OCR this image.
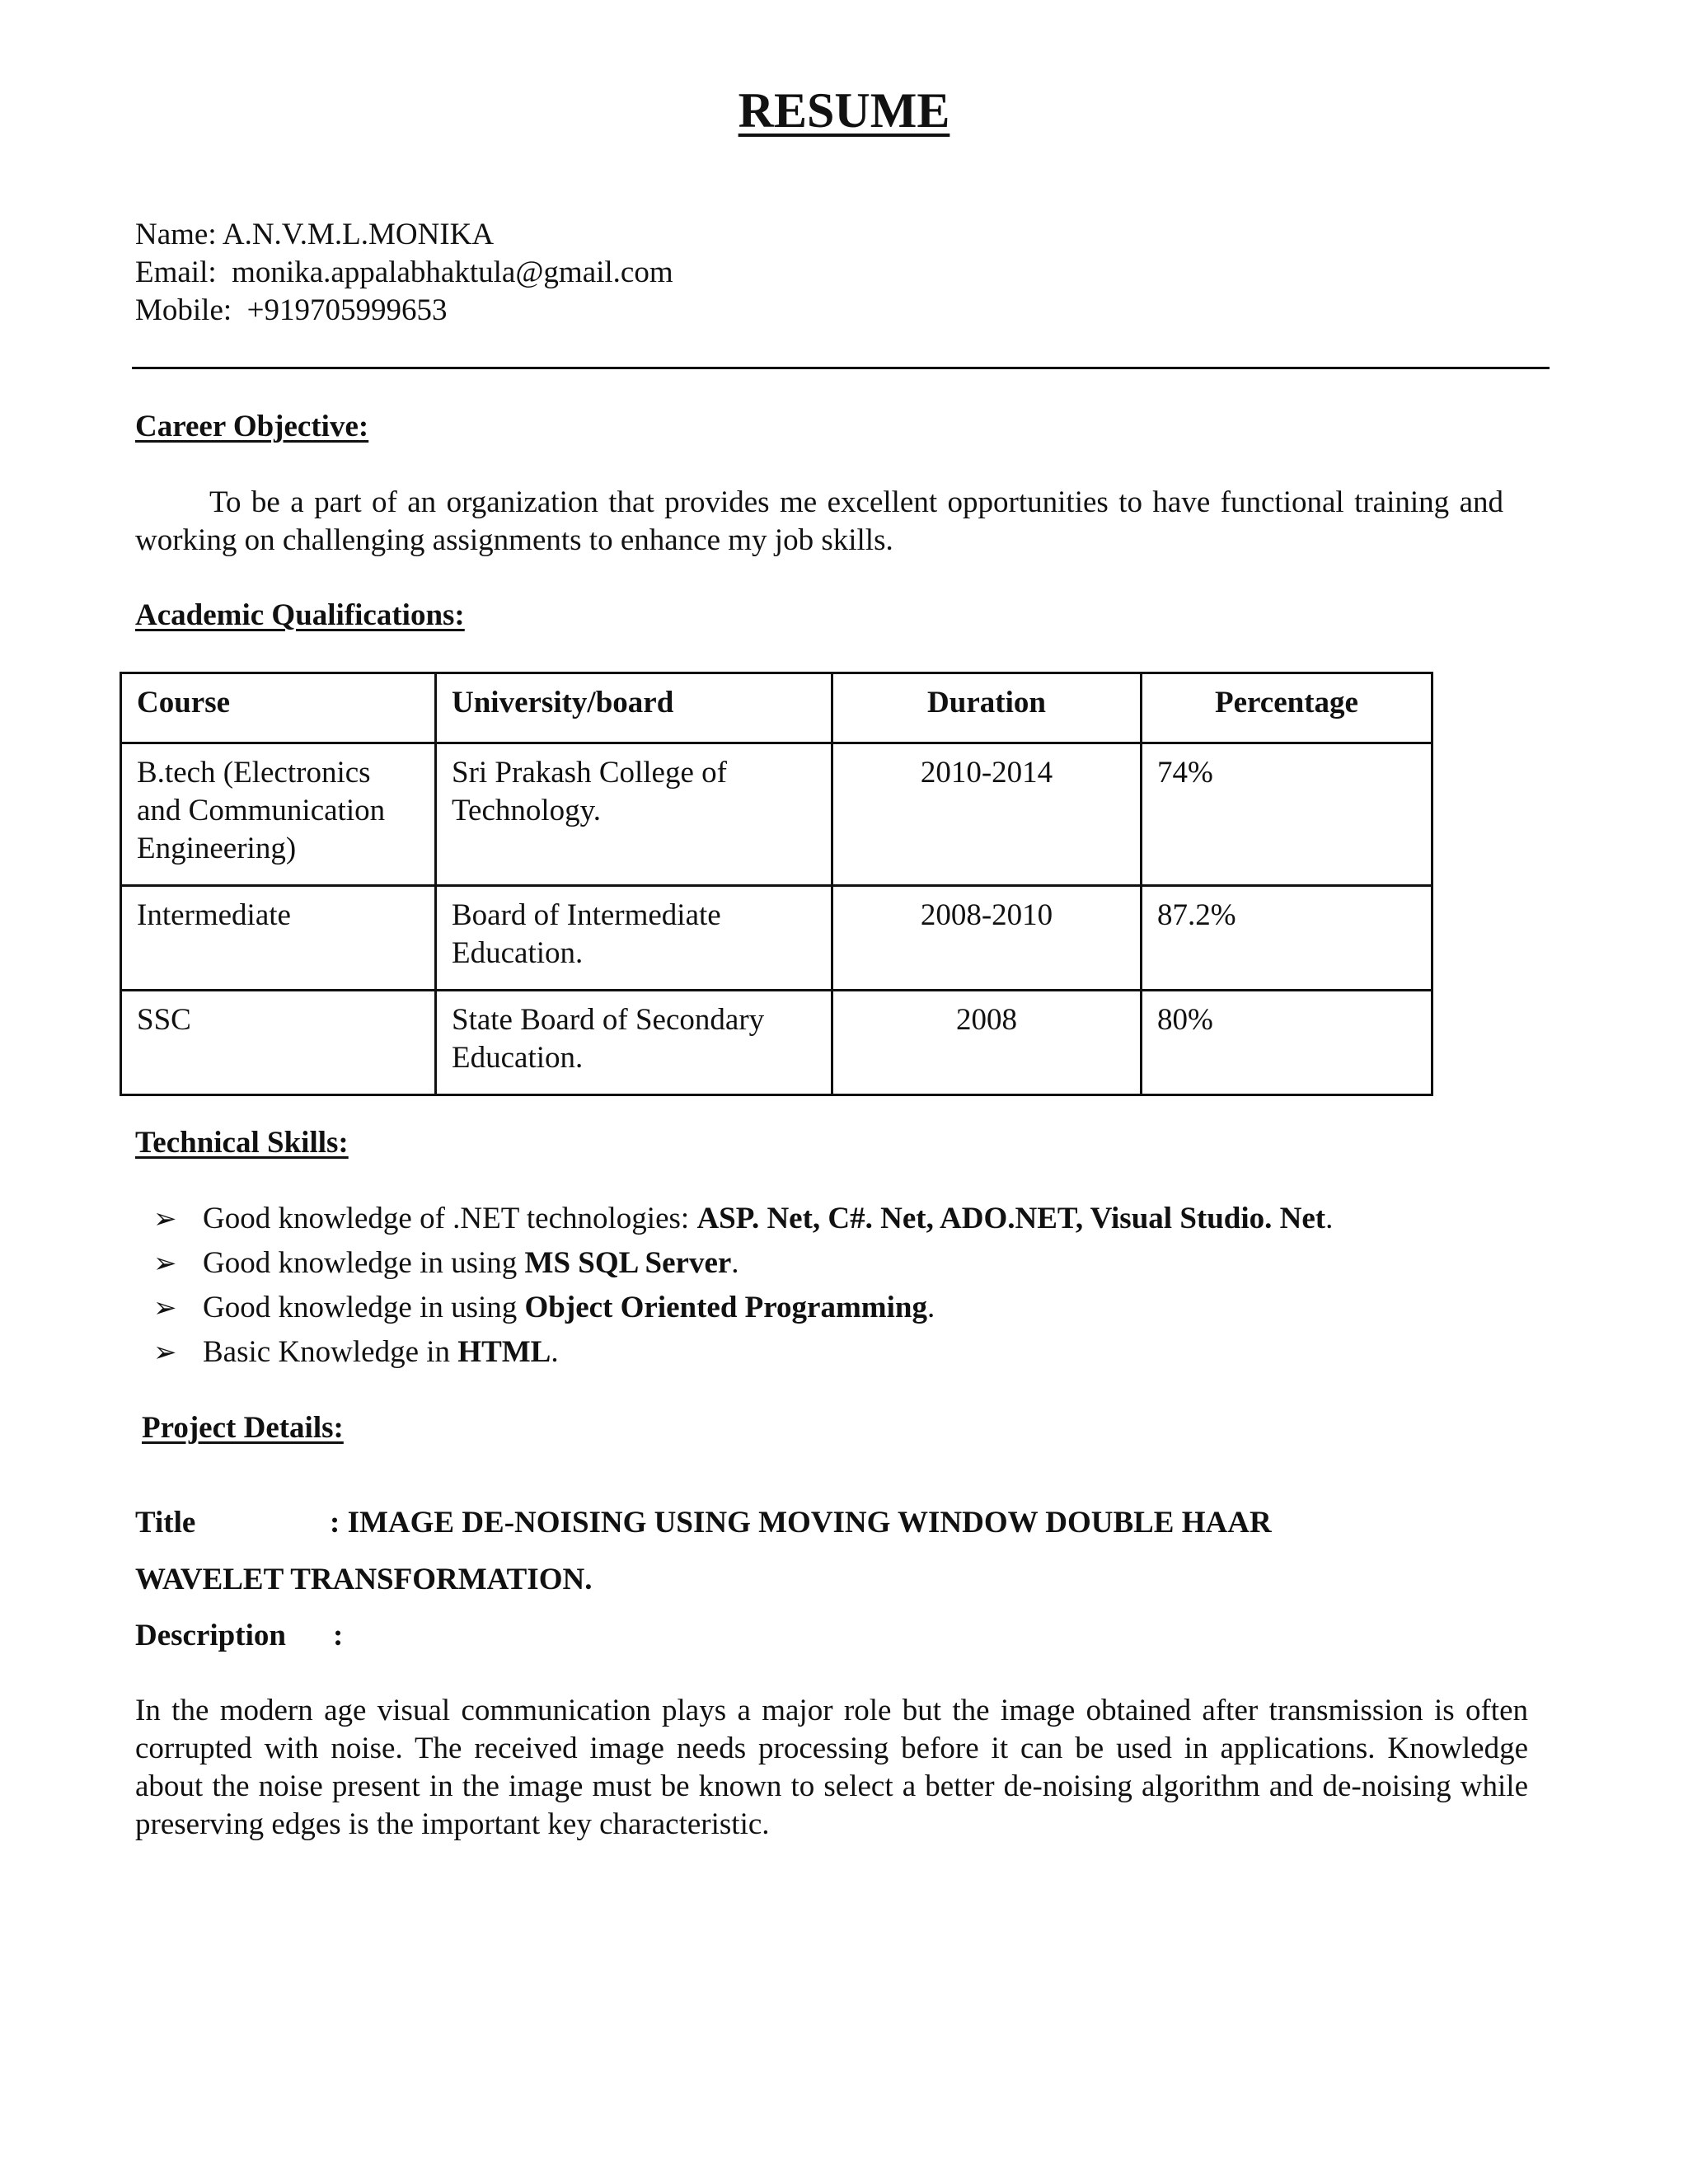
RESUME
Name: A.N.V.M.L.MONIKA
Email: monika.appalabhaktula@gmail.com
Mobile: +919705999653
Career Objective:
To be a part of an organization that provides me excellent opportunities to have functional training and working on challenging assignments to enhance my job skills.
Academic Qualifications:
Course	University/board	Duration	Percentage
B.tech (Electronics and Communication Engineering)	Sri Prakash College of Technology.	2010-2014	74%
Intermediate	Board of Intermediate Education.	2008-2010	87.2%
SSC	State Board of Secondary Education.	2008	80%
Technical Skills:
➢ Good knowledge of .NET technologies: ASP. Net, C#. Net, ADO.NET, Visual Studio. Net.
➢ Good knowledge in using MS SQL Server.
➢ Good knowledge in using Object Oriented Programming.
➢ Basic Knowledge in HTML.
Project Details:
Title	: IMAGE DE-NOISING USING MOVING WINDOW DOUBLE HAAR
WAVELET TRANSFORMATION.
Description :
In the modern age visual communication plays a major role but the image obtained after transmission is often corrupted with noise. The received image needs processing before it can be used in applications. Knowledge about the noise present in the image must be known to select a better de-noising algorithm and de-noising while preserving edges is the important key characteristic.
